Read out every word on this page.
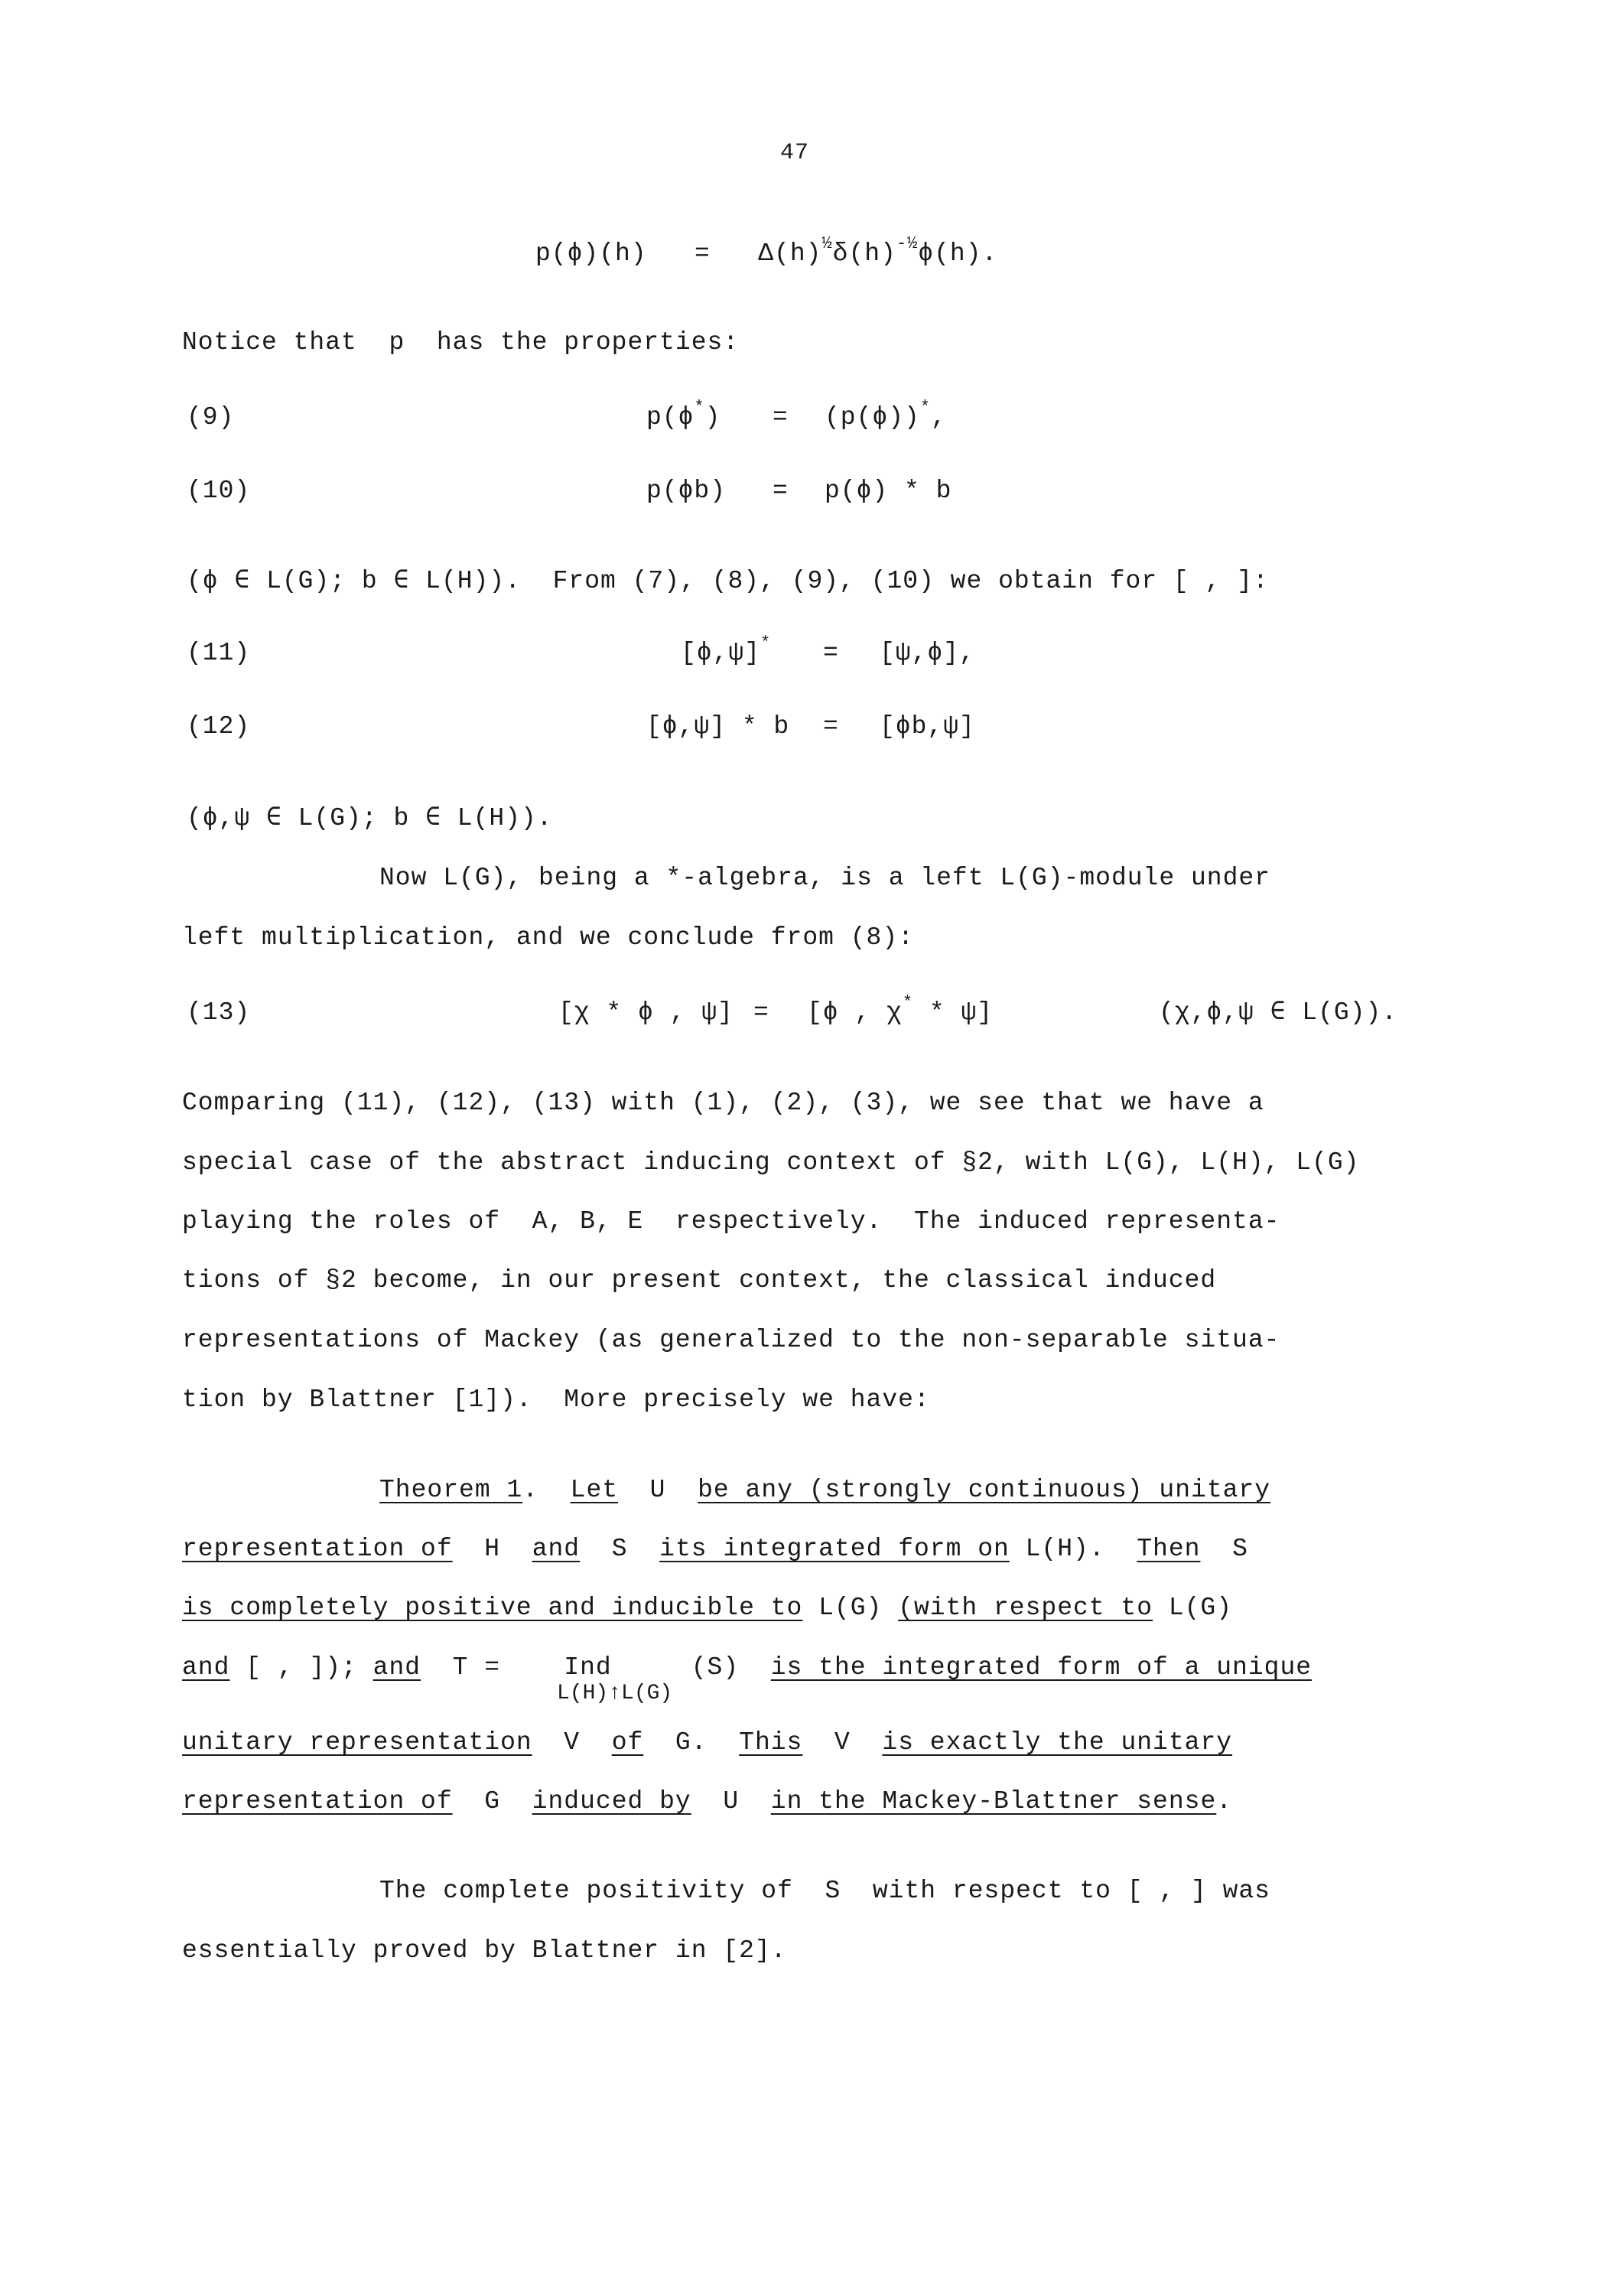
47
$p(\phi)(h) = \Delta(h)^{\frac{1}{2}}\delta(h)^{-\frac{1}{2}}\phi(h)$.
Notice that  p  has the properties:
(9)	p(ϕ*) = (p(ϕ))*,
(10)	p(ϕb) = p(ϕ) * b
(ϕ ∈ L(G); b ∈ L(H)).  From (7), (8), (9), (10) we obtain for [ , ]:
(11)	[ϕ,ψ]* = [ψ,ϕ],
(12)	[ϕ,ψ] * b = [ϕb,ψ]
(ϕ,ψ ∈ L(G); b ∈ L(H)).
Now L(G), being a *-algebra, is a left L(G)-module under
left multiplication, and we conclude from (8):
(13)	[χ * ϕ , ψ] = [ϕ , χ* * ψ]	(χ,ϕ,ψ ∈ L(G)).
Comparing (11), (12), (13) with (1), (2), (3), we see that we have a
special case of the abstract inducing context of §2, with L(G), L(H), L(G)
playing the roles of  A, B, E  respectively.  The induced representa-
tions of §2 become, in our present context, the classical induced
representations of Mackey (as generalized to the non-separable situa-
tion by Blattner [1]).  More precisely we have:
Theorem 1.  Let  U  be any (strongly continuous) unitary
representation of  H  and  S  its integrated form on L(H).  Then  S
is completely positive and inducible to L(G) (with respect to L(G)
and [ , ]); and  T =    Ind     (S)  is the integrated form of a unique
L(H)↑L(G)
unitary representation  V  of  G.  This  V  is exactly the unitary
representation of  G  induced by  U  in the Mackey-Blattner sense.
The complete positivity of  S  with respect to [ , ] was
essentially proved by Blattner in [2].
